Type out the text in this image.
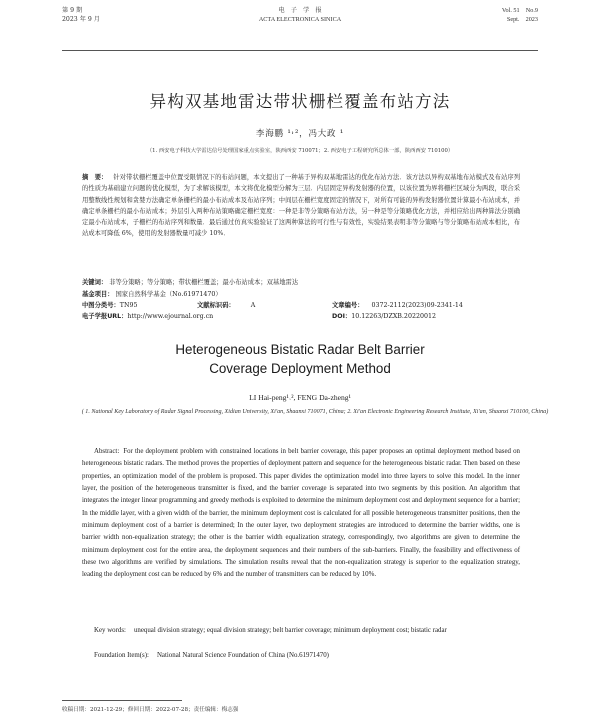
第 9 期
2023 年 9 月
电　子　学　报
ACTA ELECTRONICA SINICA
Vol. 51　No.9
Sept.　2023
异构双基地雷达带状栅栏覆盖布站方法
李海鹏 ¹˒²，冯大政 ¹
（1. 西安电子科技大学雷达信号处理国家重点实验室，陕西西安 710071；2. 西安电子工程研究所总体一部，陕西西安 710100）
摘　要： 针对带状栅栏覆盖中位置受限情况下的布站问题，本文提出了一种基于异构双基地雷达的优化布站方法．该方法以异构双基地布站模式及布站序列的性质为基础建立问题的优化模型，为了求解该模型，本文将优化模型分解为三层．内层固定异构发射器的位置，以该位置为界将栅栏区域分为两段，联合采用整数线性规划和贪婪方法确定单条栅栏的最小布站成本及布站序列；中间层在栅栏宽度固定的情况下，对所有可能的异构发射器位置计算最小布站成本，并确定单条栅栏的最小布站成本；外层引入两种布站策略确定栅栏宽度：一种是非等分策略布站方法，另一种是等分策略优化方法，并相应给出两种算法分别确定最小布站成本，子栅栏的布站序列和数量．最后通过仿真实验验证了这两种算法的可行性与有效性，实验结果表明非等分策略与等分策略布站成本相比，布站成本可降低 6%，使用的发射器数量可减少 10%．
关键词： 非等分策略；等分策略；带状栅栏覆盖；最小布站成本；双基地雷达
基金项目： 国家自然科学基金（No.61971470）
中图分类号：TN95	文献标识码：	A	文章编号： 0372-2112(2023)09-2341-14
电子学报URL：http://www.ejournal.org.cn	DOI：10.12263/DZXB.20220012
Heterogeneous Bistatic Radar Belt Barrier Coverage Deployment Method
LI Hai-peng¹˒², FENG Da-zheng¹
( 1. National Key Laboratory of Radar Signal Processing, Xidian University, Xi'an, Shaanxi 710071, China; 2. Xi'an Electronic Engineering Research Institute, Xi'an, Shaanxi 710100, China)
Abstract: For the deployment problem with constrained locations in belt barrier coverage, this paper proposes an optimal deployment method based on heterogeneous bistatic radars. The method proves the properties of deployment pattern and sequence for the heterogeneous bistatic radar. Then based on these properties, an optimization model of the problem is proposed. This paper divides the optimization model into three layers to solve this model. In the inner layer, the position of the heterogeneous transmitter is fixed, and the barrier coverage is separated into two segments by this position. An algorithm that integrates the integer linear programming and greedy methods is exploited to determine the minimum deployment cost and deployment sequence for a barrier; In the middle layer, with a given width of the barrier, the minimum deployment cost is calculated for all possible heterogeneous transmitter positions, then the minimum deployment cost of a barrier is determined; In the outer layer, two deployment strategies are introduced to determine the barrier widths, one is barrier width non-equalization strategy; the other is the barrier width equalization strategy, correspondingly, two algorithms are given to determine the minimum deployment cost for the entire area, the deployment sequences and their numbers of the sub-barriers. Finally, the feasibility and effectiveness of these two algorithms are verified by simulations. The simulation results reveal that the non-equalization strategy is superior to the equalization strategy, leading the deployment cost can be reduced by 6% and the number of transmitters can be reduced by 10%.
Key words: unequal division strategy; equal division strategy; belt barrier coverage; minimum deployment cost; bistatic radar
Foundation Item(s): National Natural Science Foundation of China (No.61971470)
收稿日期：2021-12-29；修回日期：2022-07-28；责任编辑：梅志强
